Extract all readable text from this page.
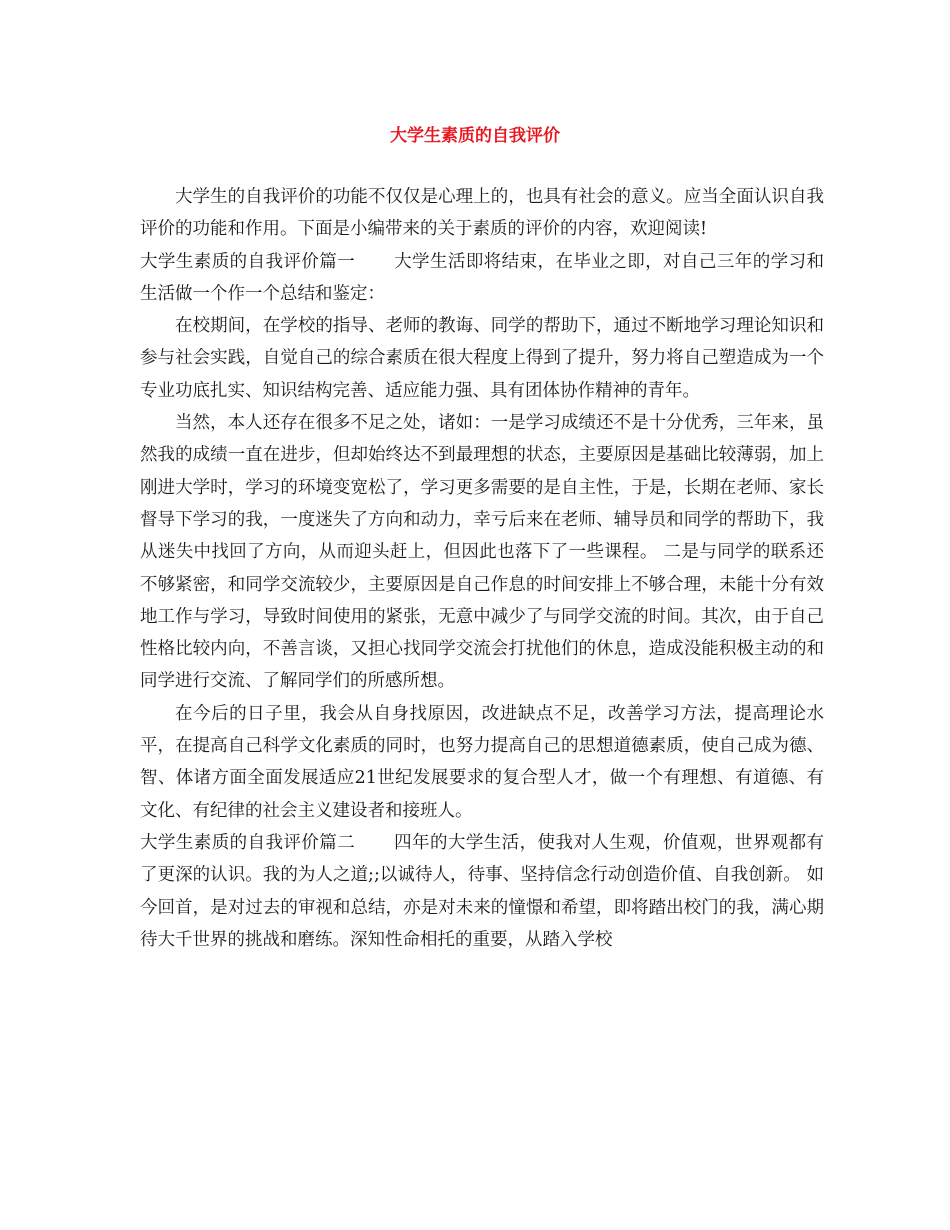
大学生素质的自我评价

大学生的自我评价的功能不仅仅是心理上的，也具有社会的意义。应当全面认识自我评价的功能和作用。下面是小编带来的关于素质的评价的内容，欢迎阅读!

大学生素质的自我评价篇一 大学生活即将结束，在毕业之即，对自己三年的学习和生活做一个作一个总结和鉴定：

在校期间，在学校的指导、老师的教诲、同学的帮助下，通过不断地学习理论知识和参与社会实践，自觉自己的综合素质在很大程度上得到了提升，努力将自己塑造成为一个专业功底扎实、知识结构完善、适应能力强、具有团体协作精神的青年。

当然，本人还存在很多不足之处，诸如：一是学习成绩还不是十分优秀，三年来，虽然我的成绩一直在进步，但却始终达不到最理想的状态，主要原因是基础比较薄弱，加上刚进大学时，学习的环境变宽松了，学习更多需要的是自主性，于是，长期在老师、家长督导下学习的我，一度迷失了方向和动力，幸亏后来在老师、辅导员和同学的帮助下，我从迷失中找回了方向，从而迎头赶上，但因此也落下了一些课程。 二是与同学的联系还不够紧密，和同学交流较少，主要原因是自己作息的时间安排上不够合理，未能十分有效地工作与学习，导致时间使用的紧张，无意中减少了与同学交流的时间。其次，由于自己性格比较内向，不善言谈，又担心找同学交流会打扰他们的休息，造成没能积极主动的和同学进行交流、了解同学们的所感所想。

在今后的日子里，我会从自身找原因，改进缺点不足，改善学习方法，提高理论水平，在提高自己科学文化素质的同时，也努力提高自己的思想道德素质，使自己成为德、智、体诸方面全面发展适应21世纪发展要求的复合型人才，做一个有理想、有道德、有文化、有纪律的社会主义建设者和接班人。

大学生素质的自我评价篇二 四年的大学生活，使我对人生观，价值观，世界观都有了更深的认识。我的为人之道;;以诚待人，待事、坚持信念行动创造价值、自我创新。 如今回首，是对过去的审视和总结，亦是对未来的憧憬和希望，即将踏出校门的我，满心期待大千世界的挑战和磨练。深知性命相托的重要，从踏入学校
